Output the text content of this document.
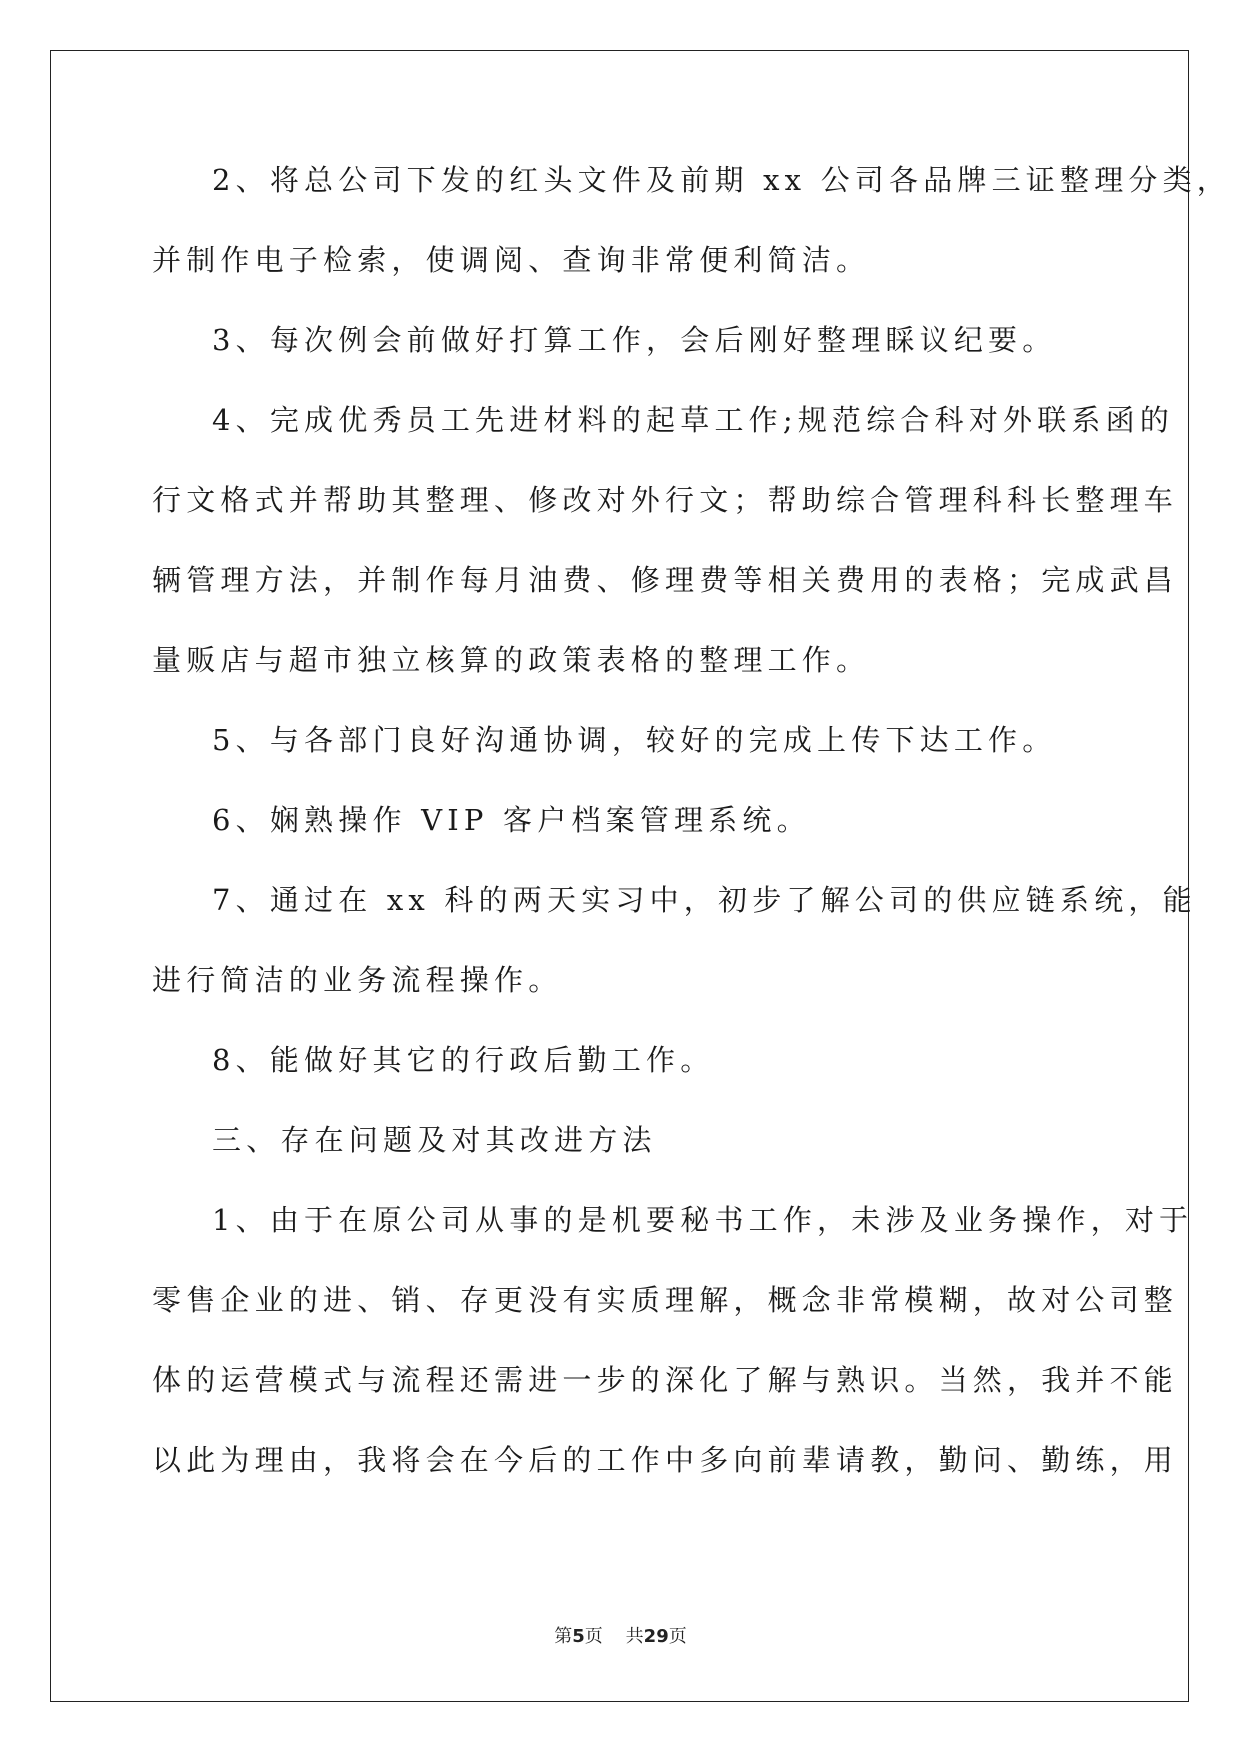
2、将总公司下发的红头文件及前期 xx 公司各品牌三证整理分类，
并制作电子检索，使调阅、查询非常便利简洁。
3、每次例会前做好打算工作，会后刚好整理睬议纪要。
4、完成优秀员工先进材料的起草工作;规范综合科对外联系函的
行文格式并帮助其整理、修改对外行文；帮助综合管理科科长整理车
辆管理方法，并制作每月油费、修理费等相关费用的表格；完成武昌
量贩店与超市独立核算的政策表格的整理工作。
5、与各部门良好沟通协调，较好的完成上传下达工作。
6、娴熟操作 VIP 客户档案管理系统。
7、通过在 xx 科的两天实习中，初步了解公司的供应链系统，能
进行简洁的业务流程操作。
8、能做好其它的行政后勤工作。
三、存在问题及对其改进方法
1、由于在原公司从事的是机要秘书工作，未涉及业务操作，对于
零售企业的进、销、存更没有实质理解，概念非常模糊，故对公司整
体的运营模式与流程还需进一步的深化了解与熟识。当然，我并不能
以此为理由，我将会在今后的工作中多向前辈请教，勤问、勤练，用
第5页 共29页
